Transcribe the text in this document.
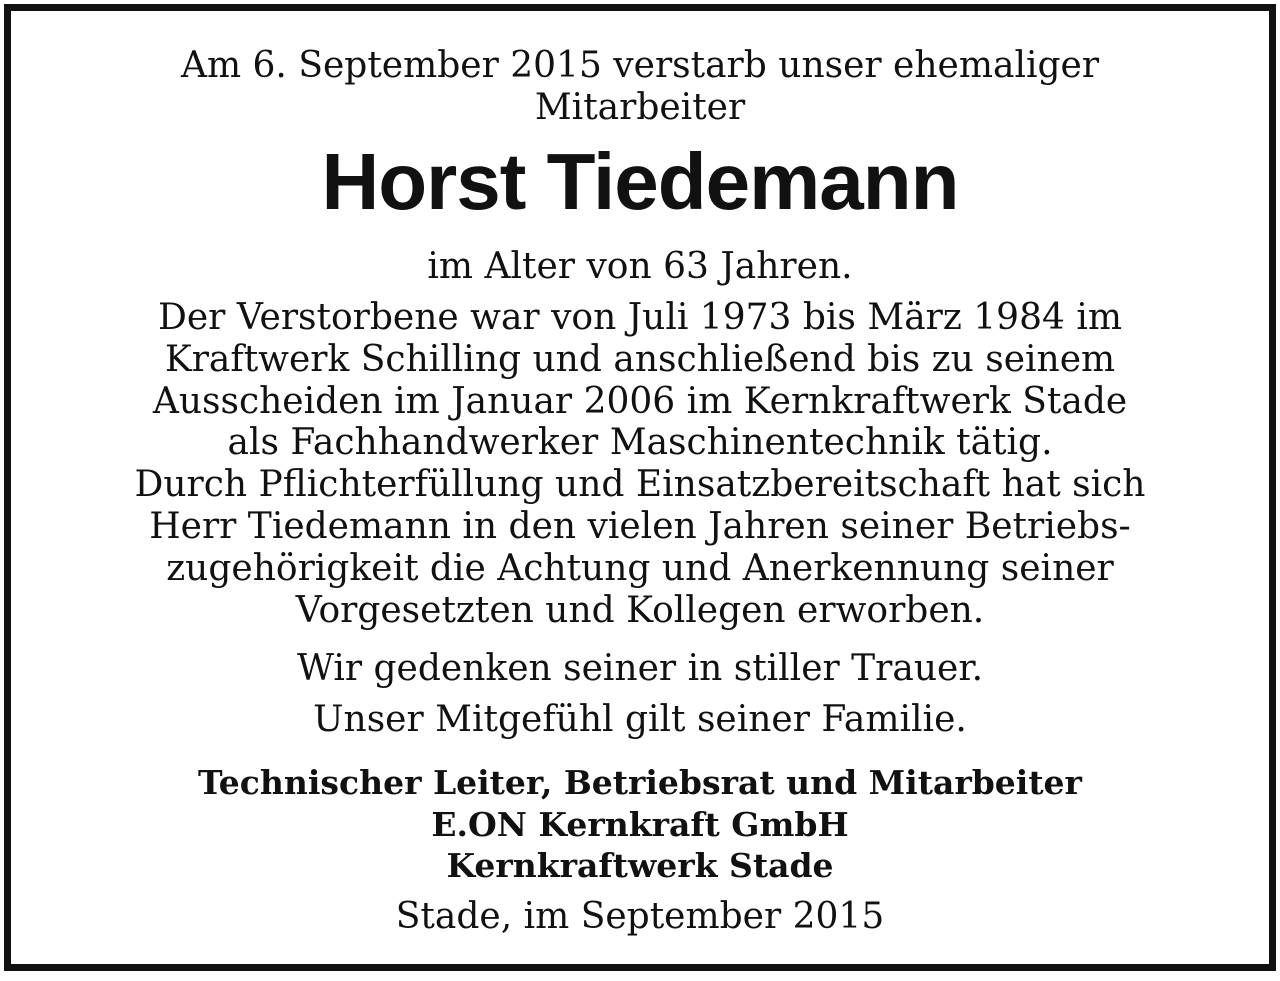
Am 6. September 2015 verstarb unser ehemaliger

Mitarbeiter

Horst Tiedemann
im Alter von 63 Jahren.

Der Verstorbene war von Juli 1973 bis März 1984 im

Kraftwerk Schilling und anschließend bis zu seinem

Ausscheiden im Januar 2006 im Kernkraftwerk Stade

als Fachhandwerker Maschinentechnik tätig.

Durch Pflichterfüllung und Einsatzbereitschaft hat sich

Herr Tiedemann in den vielen Jahren seiner Betriebs-

zugehörigkeit die Achtung und Anerkennung seiner

Vorgesetzten und Kollegen erworben.

Wir gedenken seiner in stiller Trauer.
Unser Mitgefühl gilt seiner Familie.

Technischer Leiter, Betriebsrat und Mitarbeiter

E.ON Kernkraft GmbH

Kernkraftwerk Stade

Stade, im September 2015
